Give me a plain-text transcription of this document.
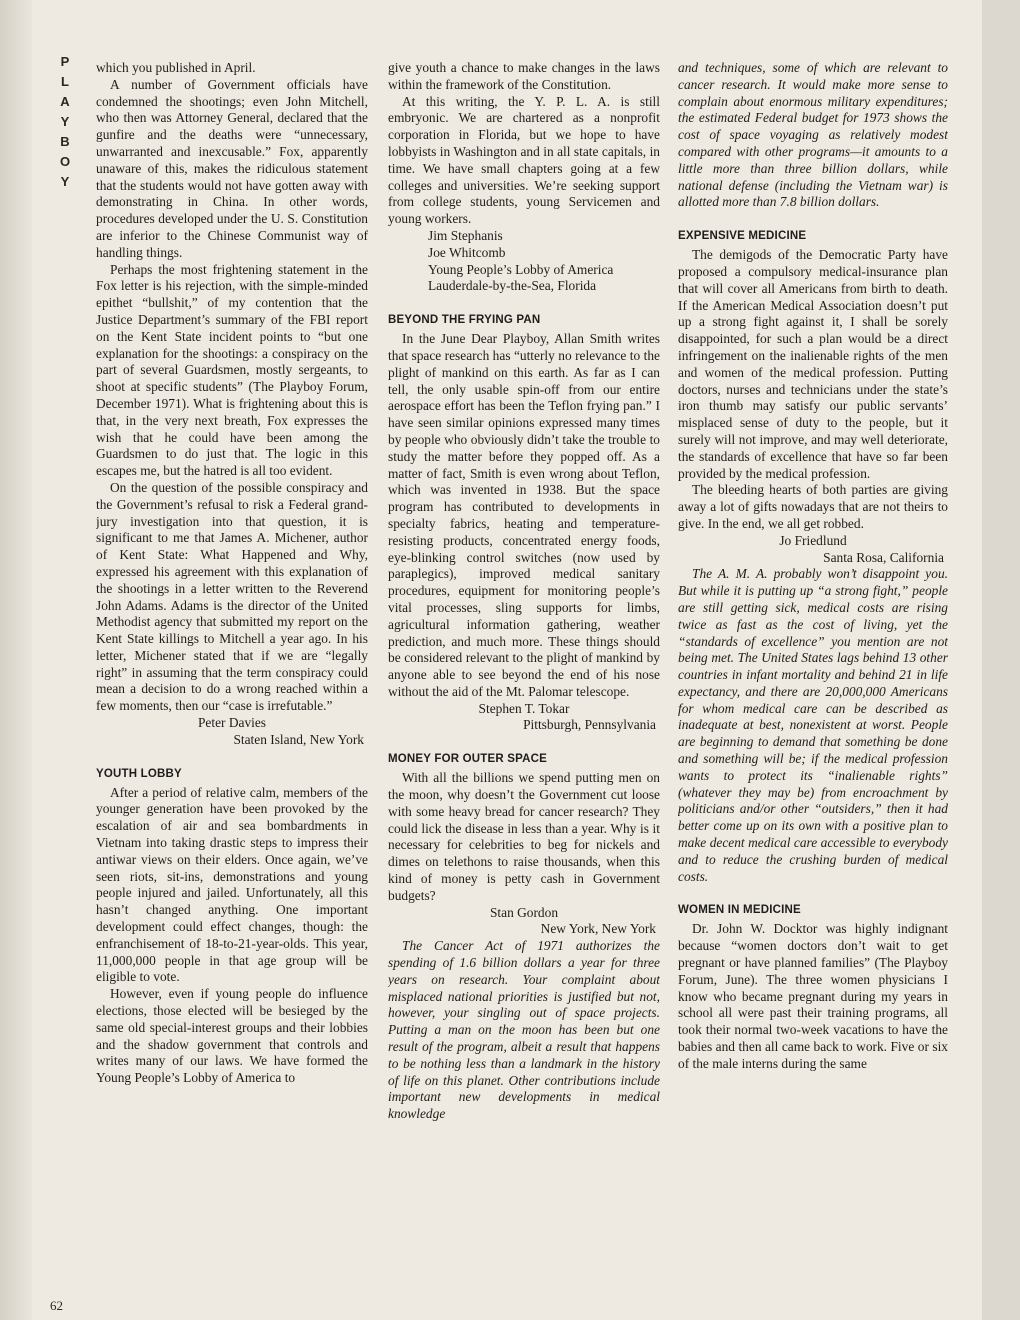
P
L
A
Y
B
O
Y
62

which you published in April.

A number of Government officials have condemned the shootings; even John Mitchell, who then was Attorney General, declared that the gunfire and the deaths were “unnecessary, unwarranted and inexcusable.” Fox, apparently unaware of this, makes the ridiculous statement that the students would not have gotten away with demonstrating in China. In other words, procedures developed under the U. S. Constitution are inferior to the Chinese Communist way of handling things.

Perhaps the most frightening statement in the Fox letter is his rejection, with the simple-minded epithet “bullshit,” of my contention that the Justice Department’s summary of the FBI report on the Kent State incident points to “but one explanation for the shootings: a conspiracy on the part of several Guardsmen, mostly sergeants, to shoot at specific students” (The Playboy Forum, December 1971). What is frightening about this is that, in the very next breath, Fox expresses the wish that he could have been among the Guardsmen to do just that. The logic in this escapes me, but the hatred is all too evident.

On the question of the possible conspiracy and the Government’s refusal to risk a Federal grand-jury investigation into that question, it is significant to me that James A. Michener, author of Kent State: What Happened and Why, expressed his agreement with this explanation of the shootings in a letter written to the Reverend John Adams. Adams is the director of the United Methodist agency that submitted my report on the Kent State killings to Mitchell a year ago. In his letter, Michener stated that if we are “legally right” in assuming that the term conspiracy could mean a decision to do a wrong reached within a few moments, then our “case is irrefutable.”

Peter Davies
Staten Island, New York
YOUTH LOBBY

After a period of relative calm, members of the younger generation have been provoked by the escalation of air and sea bombardments in Vietnam into taking drastic steps to impress their antiwar views on their elders. Once again, we’ve seen riots, sit-ins, demonstrations and young people injured and jailed. Unfortunately, all this hasn’t changed anything. One important development could effect changes, though: the enfranchisement of 18-to-21-year-olds. This year, 11,000,000 people in that age group will be eligible to vote.

However, even if young people do influence elections, those elected will be besieged by the same old special-interest groups and their lobbies and the shadow government that controls and writes many of our laws. We have formed the Young People’s Lobby of America to

give youth a chance to make changes in the laws within the framework of the Constitution.

At this writing, the Y. P. L. A. is still embryonic. We are chartered as a nonprofit corporation in Florida, but we hope to have lobbyists in Washington and in all state capitals, in time. We have small chapters going at a few colleges and universities. We’re seeking support from college students, young Servicemen and young workers.

Jim Stephanis
Joe Whitcomb
Young People’s Lobby of America
Lauderdale-by-the-Sea, Florida
BEYOND THE FRYING PAN

In the June Dear Playboy, Allan Smith writes that space research has “utterly no relevance to the plight of mankind on this earth. As far as I can tell, the only usable spin-off from our entire aerospace effort has been the Teflon frying pan.” I have seen similar opinions expressed many times by people who obviously didn’t take the trouble to study the matter before they popped off. As a matter of fact, Smith is even wrong about Teflon, which was invented in 1938. But the space program has contributed to developments in specialty fabrics, heating and temperature-resisting products, concentrated energy foods, eye-blinking control switches (now used by paraplegics), improved medical sanitary procedures, equipment for monitoring people’s vital processes, sling supports for limbs, agricultural information gathering, weather prediction, and much more. These things should be considered relevant to the plight of mankind by anyone able to see beyond the end of his nose without the aid of the Mt. Palomar telescope.

Stephen T. Tokar
Pittsburgh, Pennsylvania
MONEY FOR OUTER SPACE

With all the billions we spend putting men on the moon, why doesn’t the Government cut loose with some heavy bread for cancer research? They could lick the disease in less than a year. Why is it necessary for celebrities to beg for nickels and dimes on telethons to raise thousands, when this kind of money is petty cash in Government budgets?

Stan Gordon
New York, New York

The Cancer Act of 1971 authorizes the spending of 1.6 billion dollars a year for three years on research. Your complaint about misplaced national priorities is justified but not, however, your singling out of space projects. Putting a man on the moon has been but one result of the program, albeit a result that happens to be nothing less than a landmark in the history of life on this planet. Other contributions include important new developments in medical knowledge

and techniques, some of which are relevant to cancer research. It would make more sense to complain about enormous military expenditures; the estimated Federal budget for 1973 shows the cost of space voyaging as relatively modest compared with other programs—it amounts to a little more than three billion dollars, while national defense (including the Vietnam war) is allotted more than 7.8 billion dollars.

EXPENSIVE MEDICINE

The demigods of the Democratic Party have proposed a compulsory medical-insurance plan that will cover all Americans from birth to death. If the American Medical Association doesn’t put up a strong fight against it, I shall be sorely disappointed, for such a plan would be a direct infringement on the inalienable rights of the men and women of the medical profession. Putting doctors, nurses and technicians under the state’s iron thumb may satisfy our public servants’ misplaced sense of duty to the people, but it surely will not improve, and may well deteriorate, the standards of excellence that have so far been provided by the medical profession.

The bleeding hearts of both parties are giving away a lot of gifts nowadays that are not theirs to give. In the end, we all get robbed.

Jo Friedlund
Santa Rosa, California

The A. M. A. probably won’t disappoint you. But while it is putting up “a strong fight,” people are still getting sick, medical costs are rising twice as fast as the cost of living, yet the “standards of excellence” you mention are not being met. The United States lags behind 13 other countries in infant mortality and behind 21 in life expectancy, and there are 20,000,000 Americans for whom medical care can be described as inadequate at best, nonexistent at worst. People are beginning to demand that something be done and something will be; if the medical profession wants to protect its “inalienable rights” (whatever they may be) from encroachment by politicians and/or other “outsiders,” then it had better come up on its own with a positive plan to make decent medical care accessible to everybody and to reduce the crushing burden of medical costs.

WOMEN IN MEDICINE

Dr. John W. Docktor was highly indignant because “women doctors don’t wait to get pregnant or have planned families” (The Playboy Forum, June). The three women physicians I know who became pregnant during my years in school all were past their training programs, all took their normal two-week vacations to have the babies and then all came back to work. Five or six of the male interns during the same
